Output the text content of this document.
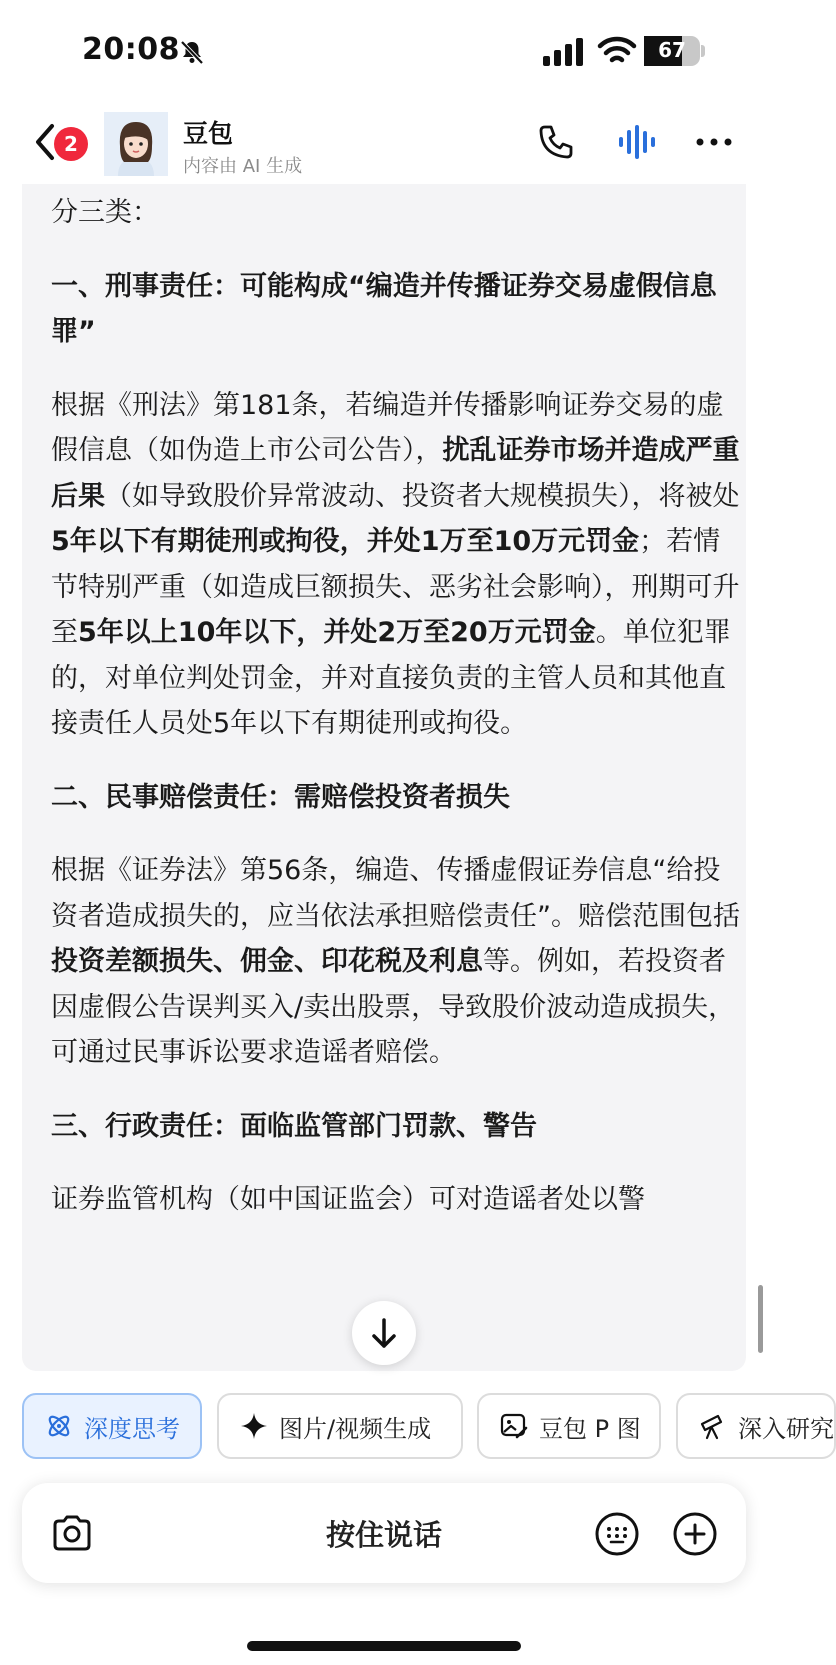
20:08	67
2	豆包
内容由 AI 生成

分三类：

一、刑事责任：可能构成“编造并传播证券交易虚假信息罪”

根据《刑法》第181条，若编造并传播影响证券交易的虚假信息（如伪造上市公司公告），扰乱证券市场并造成严重后果（如导致股价异常波动、投资者大规模损失），将被处5年以下有期徒刑或拘役，并处1万至10万元罚金；若情节特别严重（如造成巨额损失、恶劣社会影响），刑期可升至5年以上10年以下，并处2万至20万元罚金。单位犯罪的，对单位判处罚金，并对直接负责的主管人员和其他直接责任人员处5年以下有期徒刑或拘役。

二、民事赔偿责任：需赔偿投资者损失

根据《证券法》第56条，编造、传播虚假证券信息“给投资者造成损失的，应当依法承担赔偿责任”。赔偿范围包括投资差额损失、佣金、印花税及利息等。例如，若投资者因虚假公告误判买入/卖出股票，导致股价波动造成损失，可通过民事诉讼要求造谣者赔偿。

三、行政责任：面临监管部门罚款、警告

证券监管机构（如中国证监会）可对造谣者处以警

深度思考	图片/视频生成	豆包 P 图	深入研究
按住说话
